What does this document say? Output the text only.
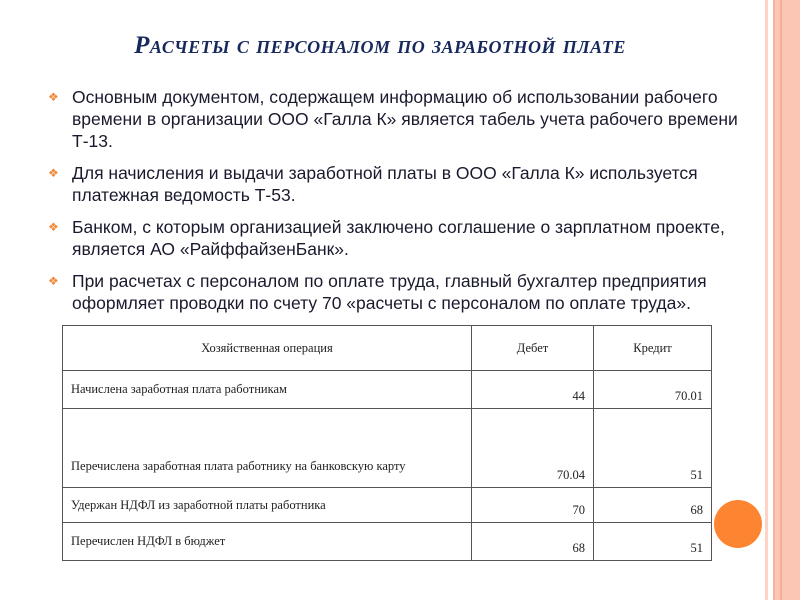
Расчеты с персоналом по заработной плате
❖ Основным документом, содержащем информацию об использовании рабочего времени в организации ООО «Галла К» является табель учета рабочего времени Т-13.
❖ Для начисления и выдачи заработной платы в ООО «Галла К» используется платежная ведомость Т-53.
❖ Банком, с которым организацией заключено соглашение о зарплатном проекте, является АО «РайффайзенБанк».
❖ При расчетах с персоналом по оплате труда, главный бухгалтер предприятия оформляет проводки по счету 70 «расчеты с персоналом по оплате труда».
Хозяйственная операция	Дебет	Кредит
Начислена заработная плата работникам	44	70.01
Перечислена заработная плата работнику на банковскую карту	70.04	51
Удержан НДФЛ из заработной платы работника	70	68
Перечислен НДФЛ в бюджет	68	51
